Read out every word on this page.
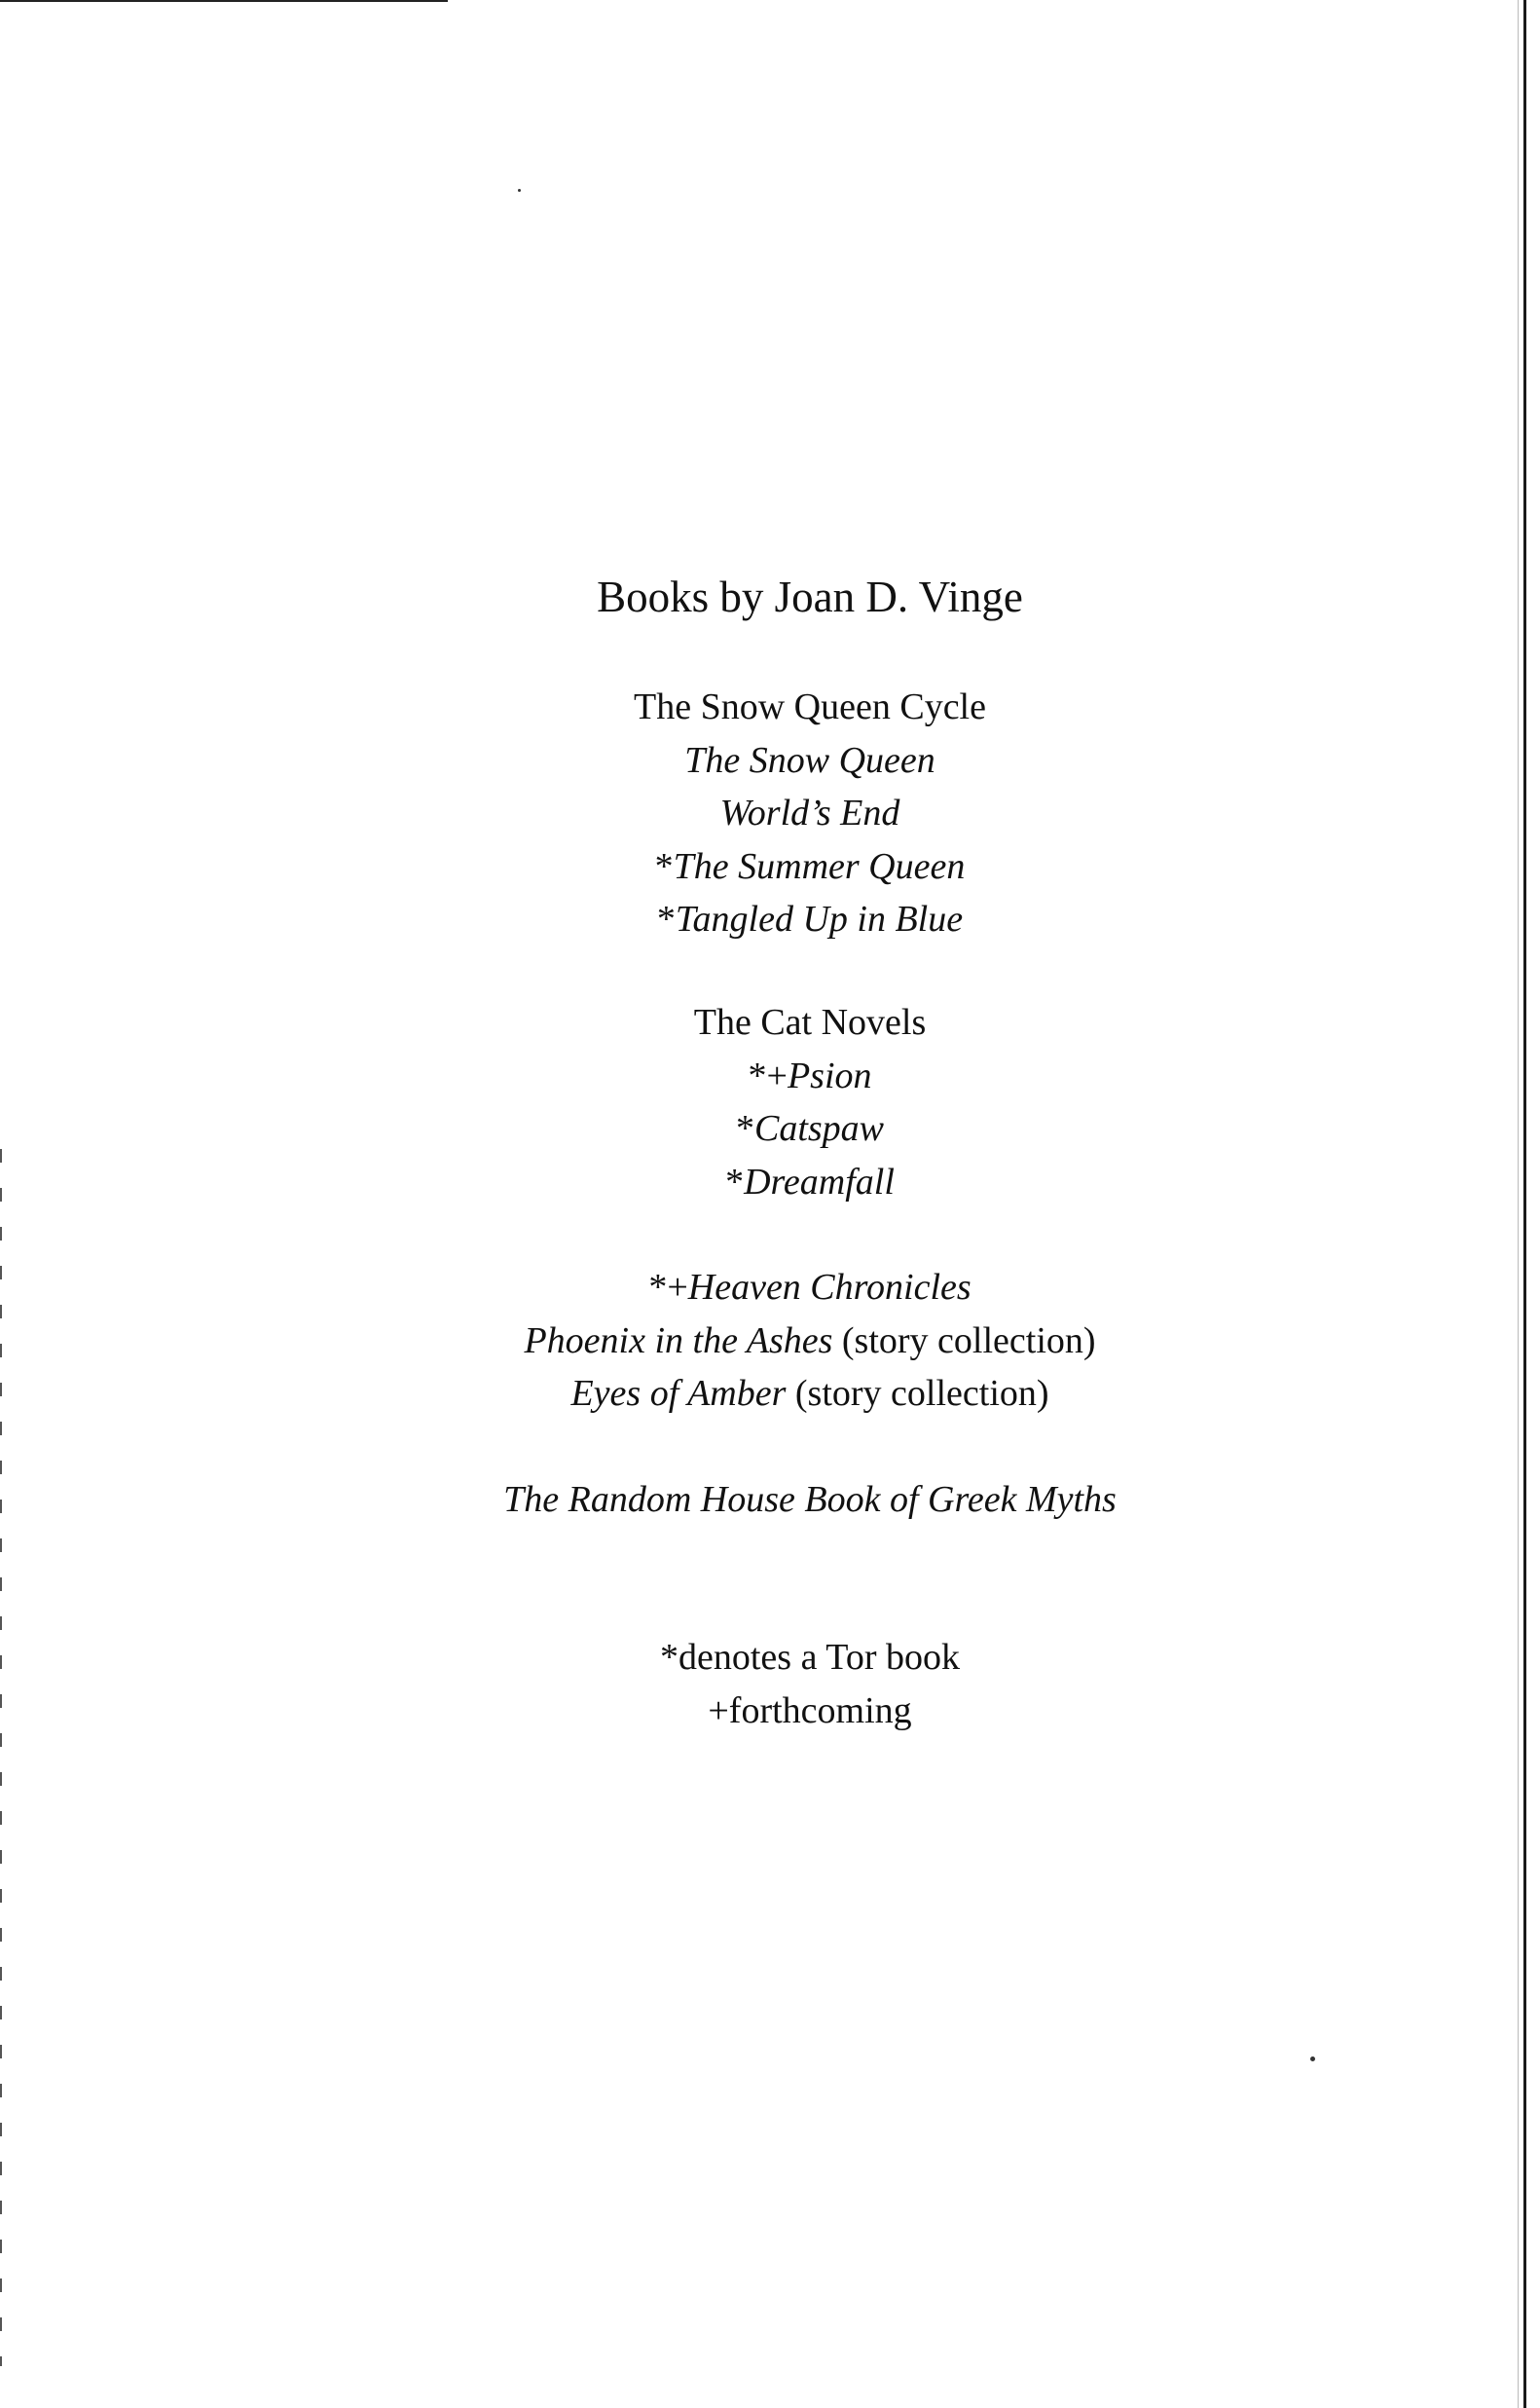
Books by Joan D. Vinge
The Snow Queen Cycle
The Snow Queen
World’s End
*The Summer Queen
*Tangled Up in Blue
The Cat Novels
*+Psion
*Catspaw
*Dreamfall
*+Heaven Chronicles
Phoenix in the Ashes (story collection)
Eyes of Amber (story collection)
The Random House Book of Greek Myths
*denotes a Tor book
+forthcoming
